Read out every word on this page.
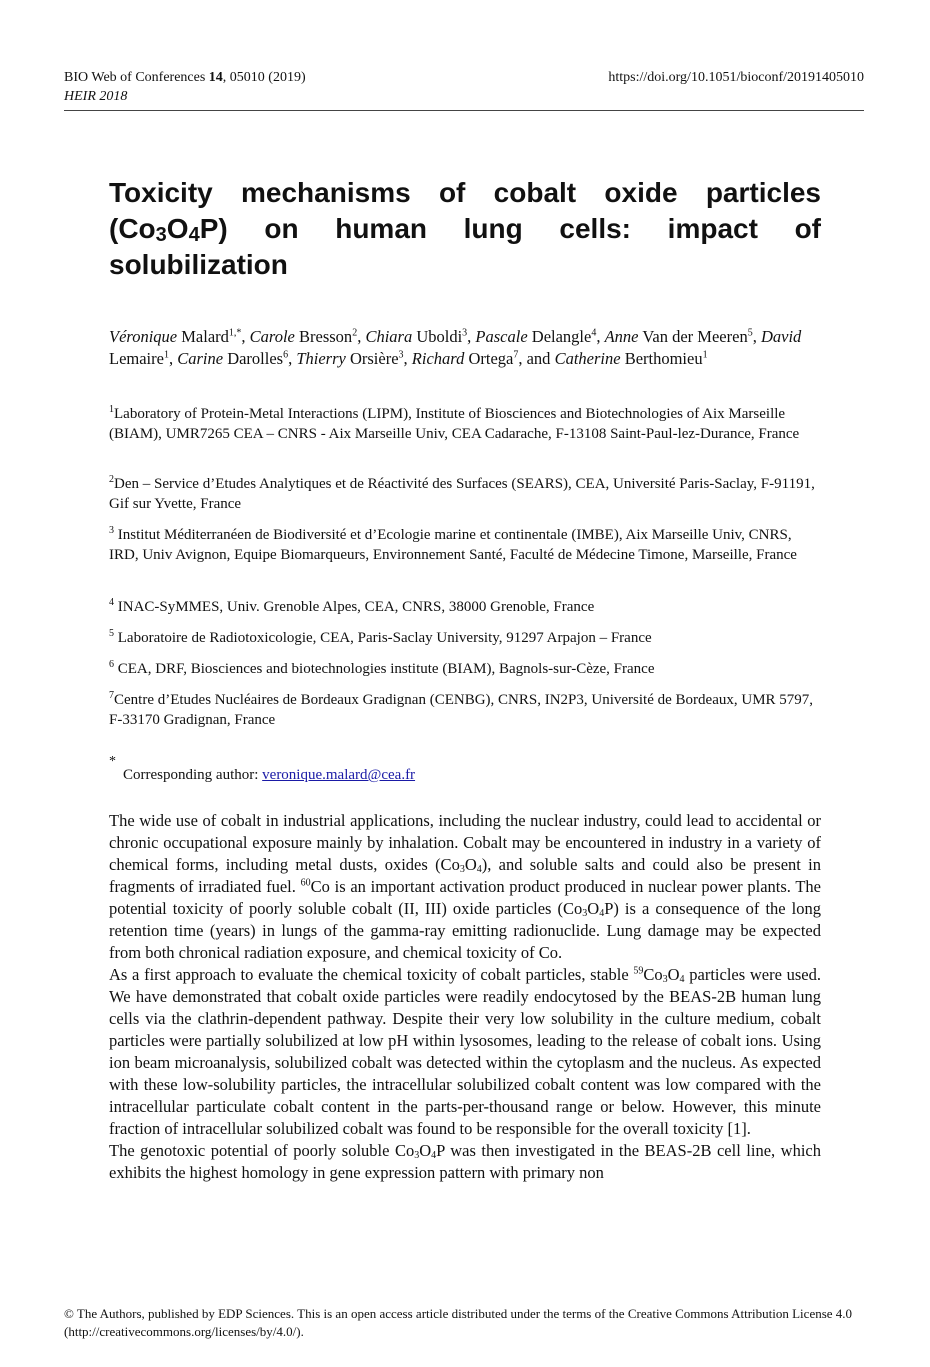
BIO Web of Conferences 14, 05010 (2019)
HEIR 2018
https://doi.org/10.1051/bioconf/20191405010
Toxicity mechanisms of cobalt oxide particles $(Co_3O_4P)$ on human lung cells: impact of solubilization
Véronique Malard$^{1,*}$, Carole Bresson$^2$, Chiara Uboldi$^3$, Pascale Delangle$^4$, Anne Van der Meeren$^5$, David Lemaire$^1$, Carine Darolles$^6$, Thierry Orsière$^3$, Richard Ortega$^7$, and Catherine Berthomieu$^1$

$^1$Laboratory of Protein-Metal Interactions (LIPM), Institute of Biosciences and Biotechnologies of Aix Marseille (BIAM), UMR7265 CEA – CNRS - Aix Marseille Univ, CEA Cadarache, F-13108 Saint-Paul-lez-Durance, France

$^2$Den – Service d’Etudes Analytiques et de Réactivité des Surfaces (SEARS), CEA, Université Paris-Saclay, F-91191, Gif sur Yvette, France

$^3$ Institut Méditerranéen de Biodiversité et d’Ecologie marine et continentale (IMBE), Aix Marseille Univ, CNRS, IRD, Univ Avignon, Equipe Biomarqueurs, Environnement Santé, Faculté de Médecine Timone, Marseille, France

$^4$ INAC-SyMMES, Univ. Grenoble Alpes, CEA, CNRS, 38000 Grenoble, France

$^5$ Laboratoire de Radiotoxicologie, CEA, Paris-Saclay University, 91297 Arpajon – France

$^6$ CEA, DRF, Biosciences and biotechnologies institute (BIAM), Bagnols-sur-Cèze, France

$^7$Centre d’Etudes Nucléaires de Bordeaux Gradignan (CENBG), CNRS, IN2P3, Université de Bordeaux, UMR 5797, F-33170 Gradignan, France

*
Corresponding author: veronique.malard@cea.fr

The wide use of cobalt in industrial applications, including the nuclear industry, could lead to accidental or chronic occupational exposure mainly by inhalation. Cobalt may be encountered in industry in a variety of chemical forms, including metal dusts, oxides (Co3O4), and soluble salts and could also be present in fragments of irradiated fuel. $^{60}$Co is an important activation product produced in nuclear power plants. The potential toxicity of poorly soluble cobalt (II, III) oxide particles (Co3O4P) is a consequence of the long retention time (years) in lungs of the gamma-ray emitting radionuclide. Lung damage may be expected from both chronical radiation exposure, and chemical toxicity of Co.

As a first approach to evaluate the chemical toxicity of cobalt particles, stable $^{59}$Co3O4 particles were used. We have demonstrated that cobalt oxide particles were readily endocytosed by the BEAS-2B human lung cells via the clathrin-dependent pathway. Despite their very low solubility in the culture medium, cobalt particles were partially solubilized at low pH within lysosomes, leading to the release of cobalt ions. Using ion beam microanalysis, solubilized cobalt was detected within the cytoplasm and the nucleus. As expected with these low-solubility particles, the intracellular solubilized cobalt content was low compared with the intracellular particulate cobalt content in the parts-per-thousand range or below. However, this minute fraction of intracellular solubilized cobalt was found to be responsible for the overall toxicity [1].

The genotoxic potential of poorly soluble Co3O4P was then investigated in the BEAS-2B cell line, which exhibits the highest homology in gene expression pattern with primary non

© The Authors, published by EDP Sciences. This is an open access article distributed under the terms of the Creative Commons Attribution License 4.0 (http://creativecommons.org/licenses/by/4.0/).
